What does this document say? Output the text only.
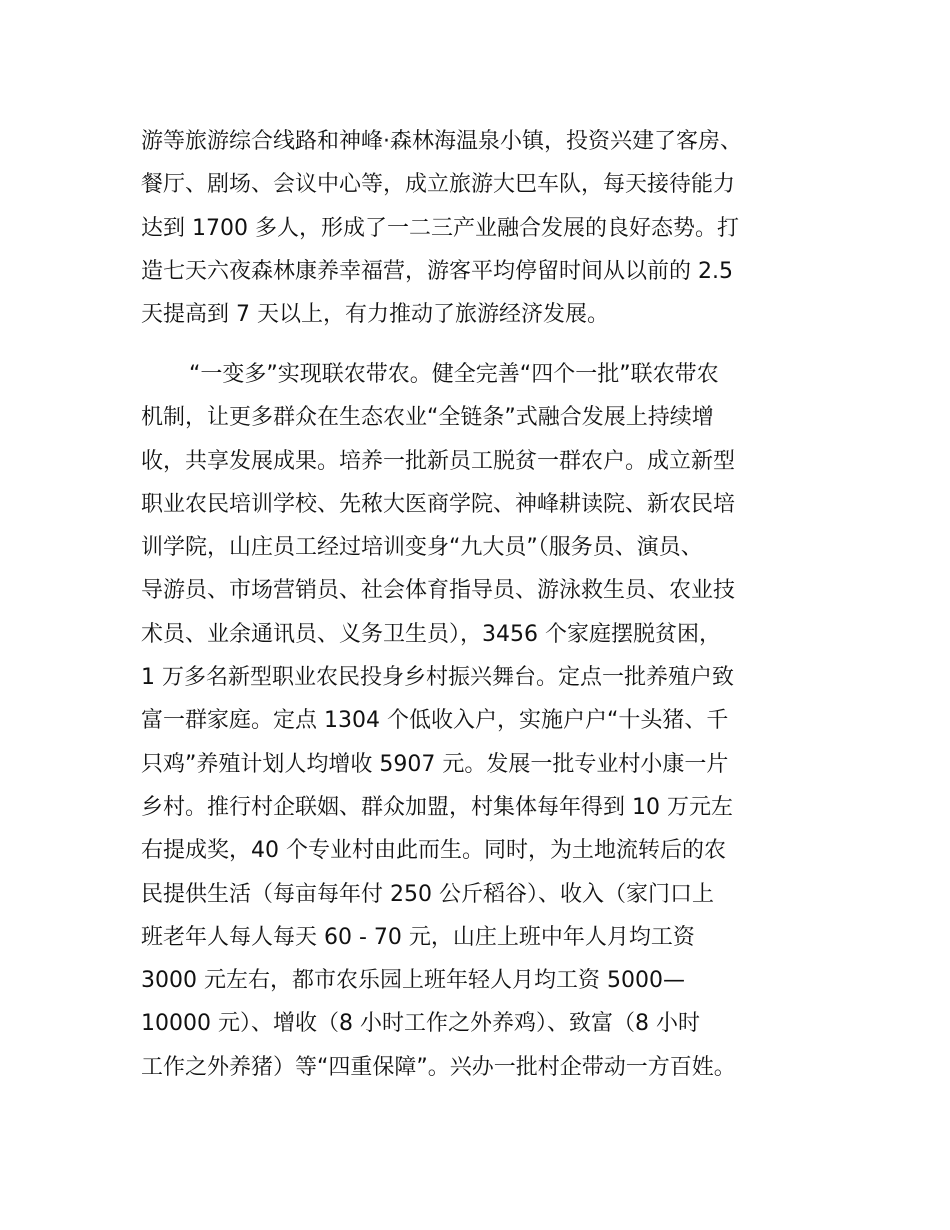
游等旅游综合线路和神峰·森林海温泉小镇，投资兴建了客房、
餐厅、剧场、会议中心等，成立旅游大巴车队，每天接待能力
达到 1700 多人，形成了一二三产业融合发展的良好态势。打
造七天六夜森林康养幸福营，游客平均停留时间从以前的 2.5
天提高到 7 天以上，有力推动了旅游经济发展。
“一变多”实现联农带农。健全完善“四个一批”联农带农
机制，让更多群众在生态农业“全链条”式融合发展上持续增
收，共享发展成果。培养一批新员工脱贫一群农户。成立新型
职业农民培训学校、先秾大医商学院、神峰耕读院、新农民培
训学院，山庄员工经过培训变身“九大员”（服务员、演员、
导游员、市场营销员、社会体育指导员、游泳救生员、农业技
术员、业余通讯员、义务卫生员），3456 个家庭摆脱贫困，
1 万多名新型职业农民投身乡村振兴舞台。定点一批养殖户致
富一群家庭。定点 1304 个低收入户，实施户户“十头猪、千
只鸡”养殖计划人均增收 5907 元。发展一批专业村小康一片
乡村。推行村企联姻、群众加盟，村集体每年得到 10 万元左
右提成奖，40 个专业村由此而生。同时，为土地流转后的农
民提供生活（每亩每年付 250 公斤稻谷）、收入（家门口上
班老年人每人每天 60 - 70 元，山庄上班中年人月均工资
3000 元左右，都市农乐园上班年轻人月均工资 5000—
10000 元）、增收（8 小时工作之外养鸡）、致富（8 小时
工作之外养猪）等“四重保障”。兴办一批村企带动一方百姓。
